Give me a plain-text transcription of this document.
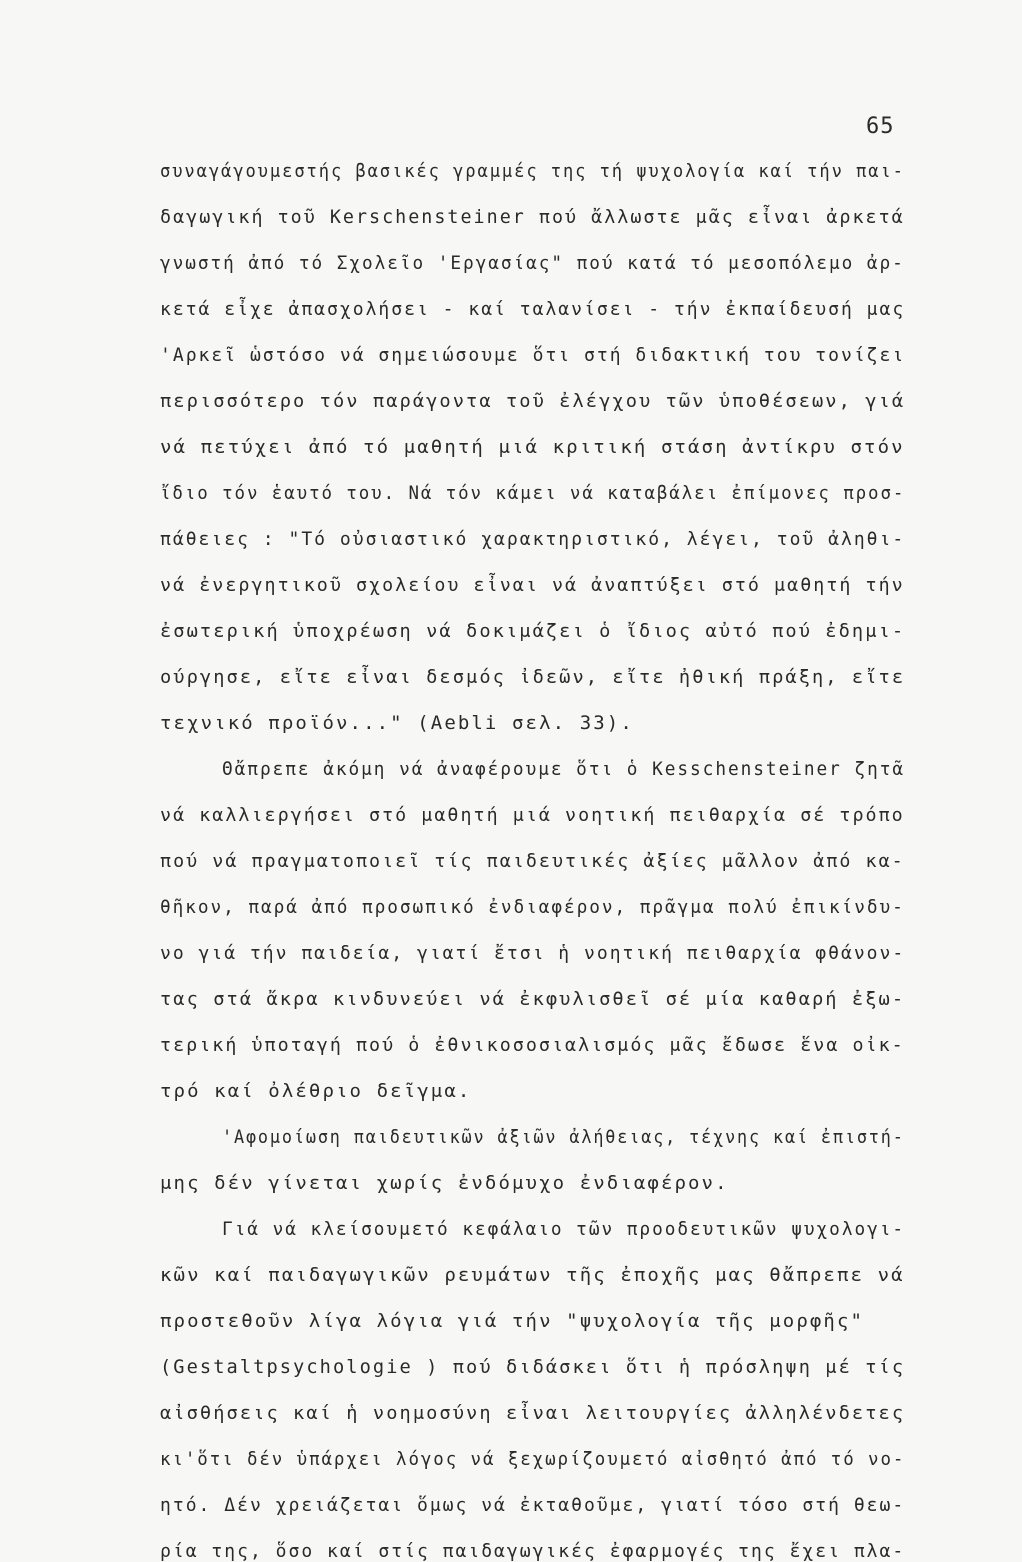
65
συναγάγουμεστής βασικές γραμμές της τή ψυχολογία καί τήν παι-
δαγωγική τοῦ Kerschensteiner πού ἄλλωστε μᾶς εἶναι ἀρκετά
γνωστή ἀπό τό Σχολεῖο 'Εργασίας" πού κατά τό μεσοπόλεμο ἀρ-
κετά εἶχε ἀπασχολήσει - καί ταλανίσει - τήν ἐκπαίδευσή μας
'Αρκεῖ ὡστόσο νά σημειώσουμε ὅτι στή διδακτική του τονίζει
περισσότερο τόν παράγοντα τοῦ ἐλέγχου τῶν ὑποθέσεων, γιά
νά πετύχει ἀπό τό μαθητή μιά κριτική στάση ἀντίκρυ στόν
ἴδιο τόν ἑαυτό του. Νά τόν κάμει νά καταβάλει ἐπίμονες προσ-
πάθειες : "Τό οὐσιαστικό χαρακτηριστικό, λέγει, τοῦ ἀληθι-
νά ἐνεργητικοῦ σχολείου εἶναι νά ἀναπτύξει στό μαθητή τήν
ἐσωτερική ὑποχρέωση νά δοκιμάζει ὁ ἴδιος αὐτό πού ἐδημι-
ούργησε, εἴτε εἶναι δεσμός ἰδεῶν, εἴτε ἠθική πράξη, εἴτε
τεχνικό προϊόν..." (Aebli σελ. 33).
Θἄπρεπε ἀκόμη νά ἀναφέρουμε ὅτι ὁ Kesschensteiner ζητᾶ
νά καλλιεργήσει στό μαθητή μιά νοητική πειθαρχία σέ τρόπο
πού νά πραγματοποιεῖ τίς παιδευτικές ἀξίες μᾶλλον ἀπό κα-
θῆκον, παρά ἀπό προσωπικό ἐνδιαφέρον, πρᾶγμα πολύ ἐπικίνδυ-
νο γιά τήν παιδεία, γιατί ἔτσι ἡ νοητική πειθαρχία φθάνον-
τας στά ἄκρα κινδυνεύει νά ἐκφυλισθεῖ σέ μία καθαρή ἐξω-
τερική ὑποταγή πού ὁ ἐθνικοσοσιαλισμός μᾶς ἔδωσε ἕνα οἰκ-
τρό καί ὀλέθριο δεῖγμα.
'Αφομοίωση παιδευτικῶν ἀξιῶν ἀλήθειας, τέχνης καί ἐπιστή-
μης δέν γίνεται χωρίς ἐνδόμυχο ἐνδιαφέρον.
Γιά νά κλείσουμετό κεφάλαιο τῶν προοδευτικῶν ψυχολογι-
κῶν καί παιδαγωγικῶν ρευμάτων τῆς ἐποχῆς μας θἄπρεπε νά
προστεθοῦν λίγα λόγια γιά τήν "ψυχολογία τῆς μορφῆς"
(Gestaltpsychologie ) πού διδάσκει ὅτι ἡ πρόσληψη μέ τίς
αἰσθήσεις καί ἡ νοημοσύνη εἶναι λειτουργίες ἀλληλένδετες
κι'ὅτι δέν ὑπάρχει λόγος νά ξεχωρίζουμετό αἰσθητό ἀπό τό νο-
ητό. Δέν χρειάζεται ὅμως νά ἐκταθοῦμε, γιατί τόσο στή θεω-
ρία της, ὅσο καί στίς παιδαγωγικές ἐφαρμογές της ἔχει πλα-
